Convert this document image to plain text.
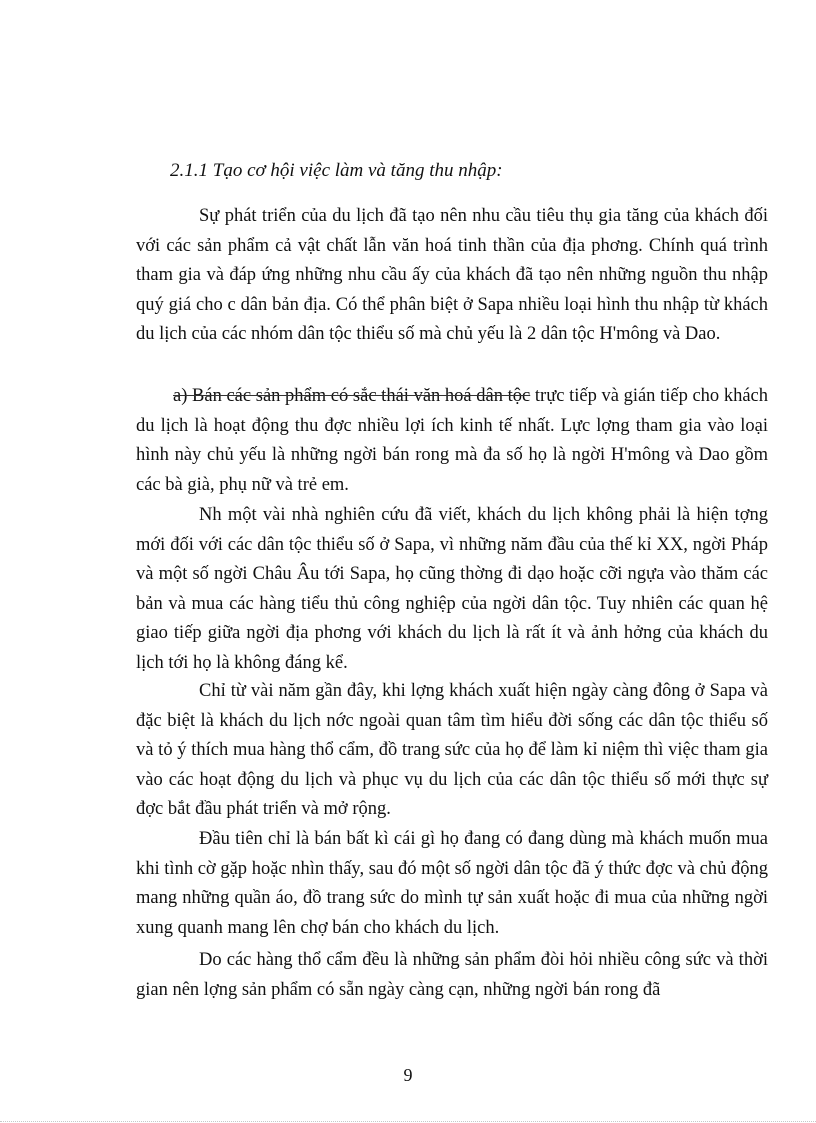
2.1.1 Tạo cơ hội việc làm và tăng thu nhập:

Sự phát triển của du lịch đã tạo nên nhu cầu tiêu thụ gia tăng của khách đối với các sản phẩm cả vật chất lẫn văn hoá tinh thần của địa phơng. Chính quá trình tham gia và đáp ứng những nhu cầu ấy của khách đã tạo nên những nguồn thu nhập quý giá cho c dân bản địa. Có thể phân biệt ở Sapa nhiều loại hình thu nhập từ khách du lịch của các nhóm dân tộc thiểu số mà chủ yếu là 2 dân tộc H'mông và Dao.

a) Bán các sản phẩm có sắc thái văn hoá dân tộc trực tiếp và gián tiếp cho khách du lịch là hoạt động thu đợc nhiều lợi ích kinh tế nhất. Lực lợng tham gia vào loại hình này chủ yếu là những ngời bán rong mà đa số họ là ngời H'mông và Dao gồm các bà già, phụ nữ và trẻ em.

Nh một vài nhà nghiên cứu đã viết, khách du lịch không phải là hiện tợng mới đối với các dân tộc thiểu số ở Sapa, vì những năm đầu của thế kỉ XX, ngời Pháp và một số ngời Châu Âu tới Sapa, họ cũng thờng đi dạo hoặc cỡi ngựa vào thăm các bản và mua các hàng tiểu thủ công nghiệp của ngời dân tộc. Tuy nhiên các quan hệ giao tiếp giữa ngời địa phơng với khách du lịch là rất ít và ảnh hởng của khách du lịch tới họ là không đáng kể.

Chỉ từ vài năm gần đây, khi lợng khách xuất hiện ngày càng đông ở Sapa và đặc biệt là khách du lịch nớc ngoài quan tâm tìm hiểu đời sống các dân tộc thiểu số và tỏ ý thích mua hàng thổ cẩm, đồ trang sức của họ để làm kỉ niệm thì việc tham gia vào các hoạt động du lịch và phục vụ du lịch của các dân tộc thiểu số mới thực sự đợc bắt đầu phát triển và mở rộng.

Đầu tiên chỉ là bán bất kì cái gì họ đang có đang dùng mà khách muốn mua khi tình cờ gặp hoặc nhìn thấy, sau đó một số ngời dân tộc đã ý thức đợc và chủ động mang những quần áo, đồ trang sức do mình tự sản xuất hoặc đi mua của những ngời xung quanh mang lên chợ bán cho khách du lịch.

Do các hàng thổ cẩm đều là những sản phẩm đòi hỏi nhiều công sức và thời gian nên lợng sản phẩm có sẵn ngày càng cạn, những ngời bán rong đã

9
